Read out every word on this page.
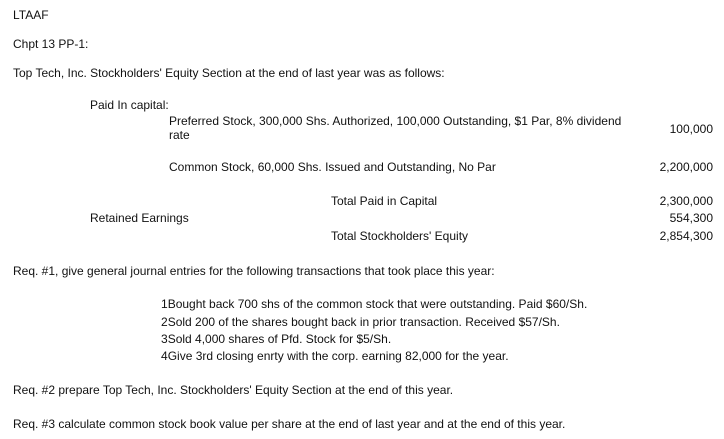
LTAAF
Chpt 13 PP-1:
Top Tech, Inc. Stockholders' Equity Section at the end of last year was as follows:
Paid In capital:
Preferred Stock, 300,000 Shs. Authorized, 100,000 Outstanding, $1 Par, 8% dividend rate	100,000
Common Stock, 60,000 Shs. Issued and Outstanding, No Par	2,200,000
Total Paid in Capital	2,300,000
Retained Earnings	554,300
Total Stockholders' Equity	2,854,300
Req. #1, give general journal entries for the following transactions that took place this year:
1Bought back 700 shs of the common stock that were outstanding. Paid $60/Sh.
2Sold 200 of the shares bought back in prior transaction. Received $57/Sh.
3Sold 4,000 shares of Pfd. Stock for $5/Sh.
4Give 3rd closing enrty with the corp. earning 82,000 for the year.
Req. #2 prepare Top Tech, Inc. Stockholders' Equity Section at the end of this year.
Req. #3 calculate common stock book value per share at the end of last year and at the end of this year.
